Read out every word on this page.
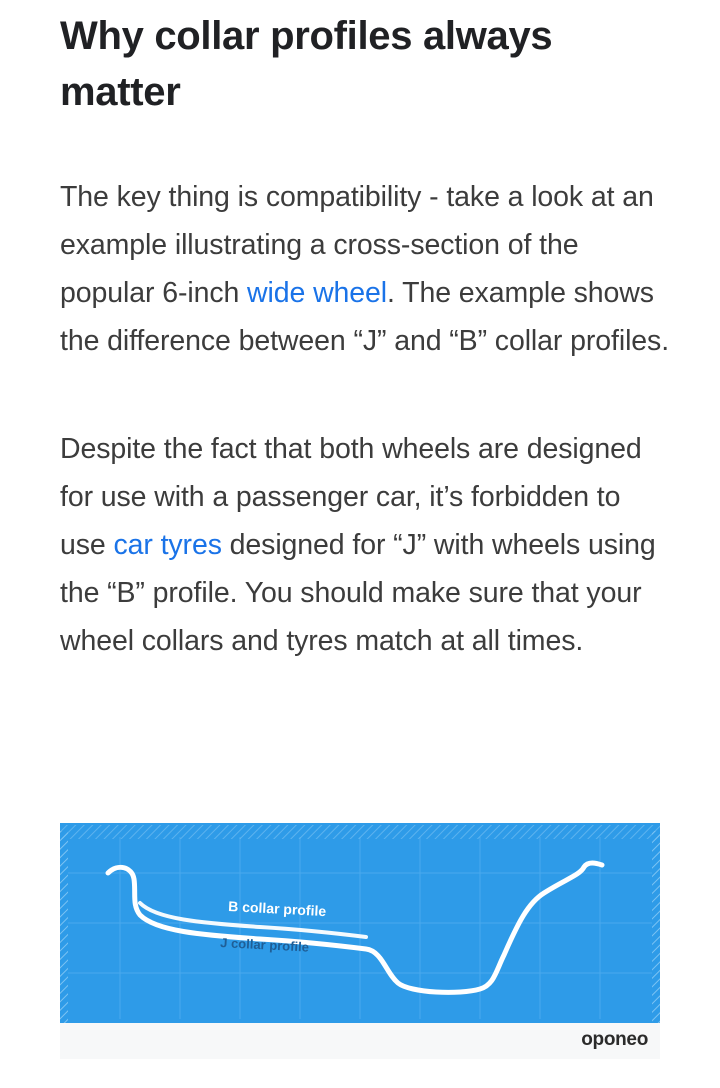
Why collar profiles always matter

The key thing is compatibility - take a look at an example illustrating a cross-section of the popular 6-inch wide wheel. The example shows the difference between “J” and “B” collar profiles.

Despite the fact that both wheels are designed for use with a passenger car, it’s forbidden to use car tyres designed for “J” with wheels using the “B” profile. You should make sure that your wheel collars and tyres match at all times.

B collar profile
J collar profile
oponeo
